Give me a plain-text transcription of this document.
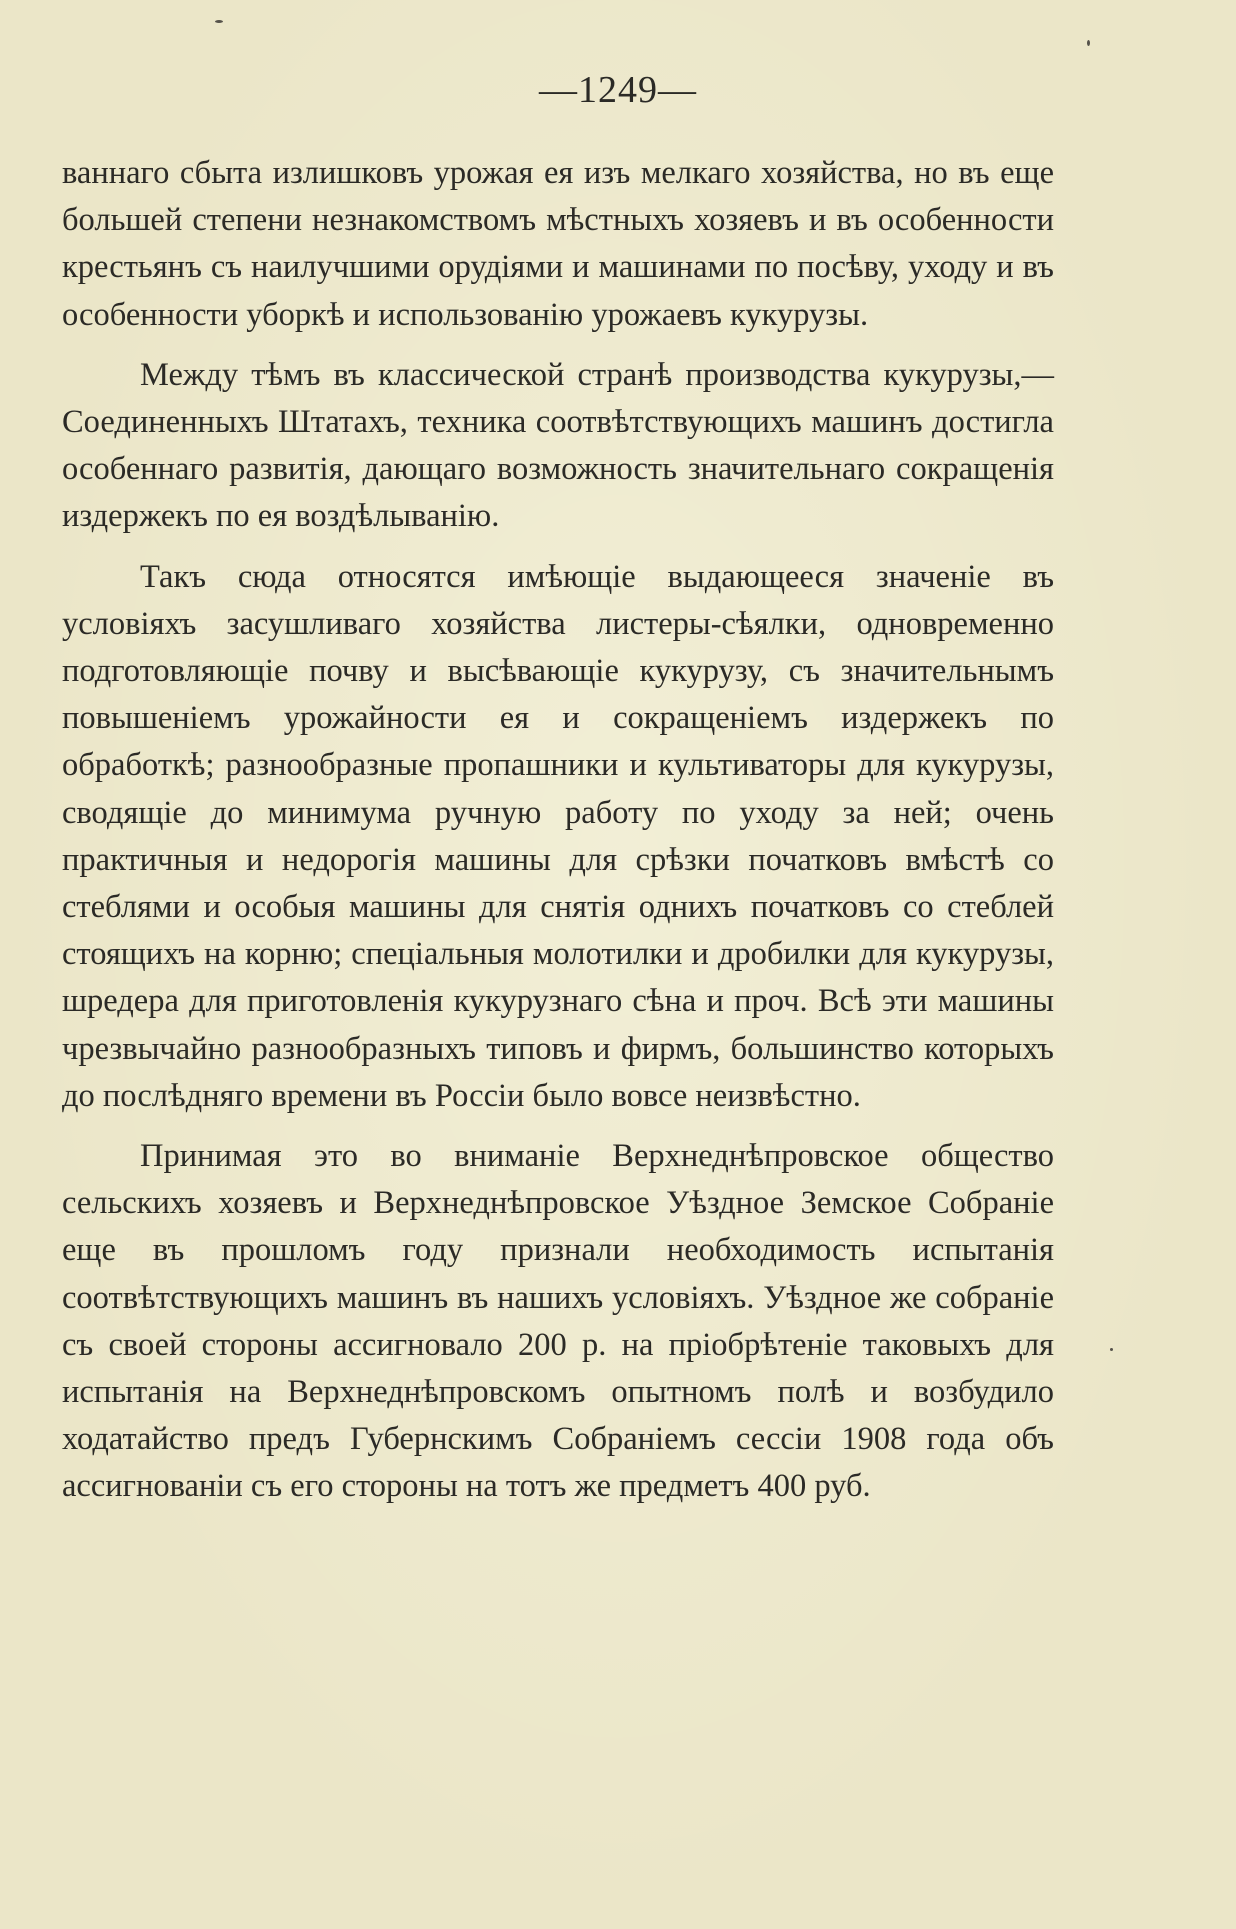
—1249—

ваннаго сбыта излишковъ урожая ея изъ мелкаго хозяйства, но въ еще большей степени незнакомствомъ мѣстныхъ хозяевъ и въ особенности крестьянъ съ наилучшими орудіями и машинами по посѣву, уходу и въ особенности уборкѣ и использованію урожаевъ кукурузы.

Между тѣмъ въ классической странѣ производства кукурузы,—Соединенныхъ Штатахъ, техника соотвѣтствующихъ машинъ достигла особеннаго развитія, дающаго возможность значительнаго сокращенія издержекъ по ея воздѣлыванію.

Такъ сюда относятся имѣющіе выдающееся значеніе въ условіяхъ засушливаго хозяйства листеры-сѣялки, одновременно подготовляющіе почву и высѣвающіе кукурузу, съ значительнымъ повышеніемъ урожайности ея и сокращеніемъ издержекъ по обработкѣ; разнообразные пропашники и культиваторы для кукурузы, сводящіе до минимума ручную работу по уходу за ней; очень практичныя и недорогія машины для срѣзки початковъ вмѣстѣ со стеблями и особыя машины для снятія однихъ початковъ со стеблей стоящихъ на корню; спеціальныя молотилки и дробилки для кукурузы, шредера для приготовленія кукурузнаго сѣна и проч. Всѣ эти машины чрезвычайно разнообразныхъ типовъ и фирмъ, большинство которыхъ до послѣдняго времени въ Россіи было вовсе неизвѣстно.

Принимая это во вниманіе Верхнеднѣпровское общество сельскихъ хозяевъ и Верхнеднѣпровское Уѣздное Земское Собраніе еще въ прошломъ году признали необходимость испытанія соотвѣтствующихъ машинъ въ нашихъ условіяхъ. Уѣздное же собраніе съ своей стороны ассигновало 200 р. на пріобрѣтеніе таковыхъ для испытанія на Верхнеднѣпровскомъ опытномъ полѣ и возбудило ходатайство предъ Губернскимъ Собраніемъ сессіи 1908 года объ ассигнованіи съ его стороны на тотъ же предметъ 400 руб.
